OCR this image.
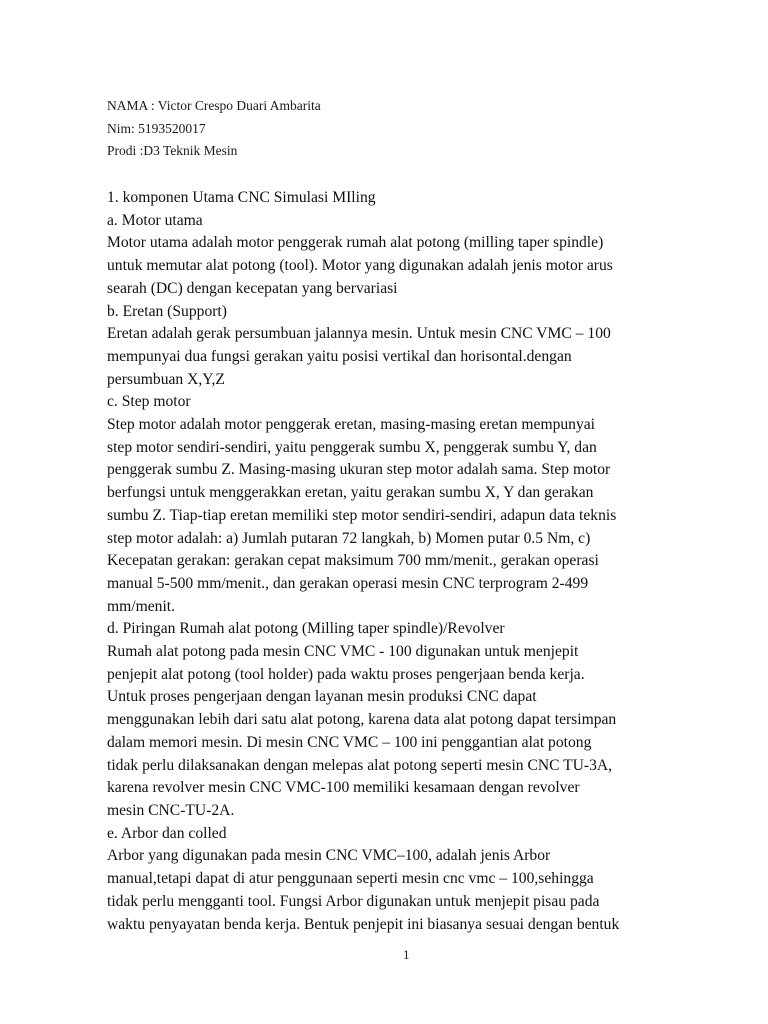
NAMA : Victor Crespo Duari Ambarita
Nim: 5193520017
Prodi :D3 Teknik Mesin
1. komponen Utama CNC Simulasi MIling
a. Motor utama
Motor utama adalah motor penggerak rumah alat potong (milling taper spindle)
untuk memutar alat potong (tool). Motor yang digunakan adalah jenis motor arus
searah (DC) dengan kecepatan yang bervariasi
b. Eretan (Support)
Eretan adalah gerak persumbuan jalannya mesin. Untuk mesin CNC VMC – 100
mempunyai dua fungsi gerakan yaitu posisi vertikal dan horisontal.dengan
persumbuan X,Y,Z
c. Step motor
Step motor adalah motor penggerak eretan, masing-masing eretan mempunyai
step motor sendiri-sendiri, yaitu penggerak sumbu X, penggerak sumbu Y, dan
penggerak sumbu Z. Masing-masing ukuran step motor adalah sama. Step motor
berfungsi untuk menggerakkan eretan, yaitu gerakan sumbu X, Y dan gerakan
sumbu Z. Tiap-tiap eretan memiliki step motor sendiri-sendiri, adapun data teknis
step motor adalah: a) Jumlah putaran 72 langkah, b) Momen putar 0.5 Nm, c)
Kecepatan gerakan: gerakan cepat maksimum 700 mm/menit., gerakan operasi
manual 5-500 mm/menit., dan gerakan operasi mesin CNC terprogram 2-499
mm/menit.
d. Piringan Rumah alat potong (Milling taper spindle)/Revolver
Rumah alat potong pada mesin CNC VMC - 100 digunakan untuk menjepit
penjepit alat potong (tool holder) pada waktu proses pengerjaan benda kerja.
Untuk proses pengerjaan dengan layanan mesin produksi CNC dapat
menggunakan lebih dari satu alat potong, karena data alat potong dapat tersimpan
dalam memori mesin. Di mesin CNC VMC – 100 ini penggantian alat potong
tidak perlu dilaksanakan dengan melepas alat potong seperti mesin CNC TU-3A,
karena revolver mesin CNC VMC-100 memiliki kesamaan dengan revolver
mesin CNC-TU-2A.
e. Arbor dan colled
Arbor yang digunakan pada mesin CNC VMC–100, adalah jenis Arbor
manual,tetapi dapat di atur penggunaan seperti mesin cnc vmc – 100,sehingga
tidak perlu mengganti tool. Fungsi Arbor digunakan untuk menjepit pisau pada
waktu penyayatan benda kerja. Bentuk penjepit ini biasanya sesuai dengan bentuk
1
